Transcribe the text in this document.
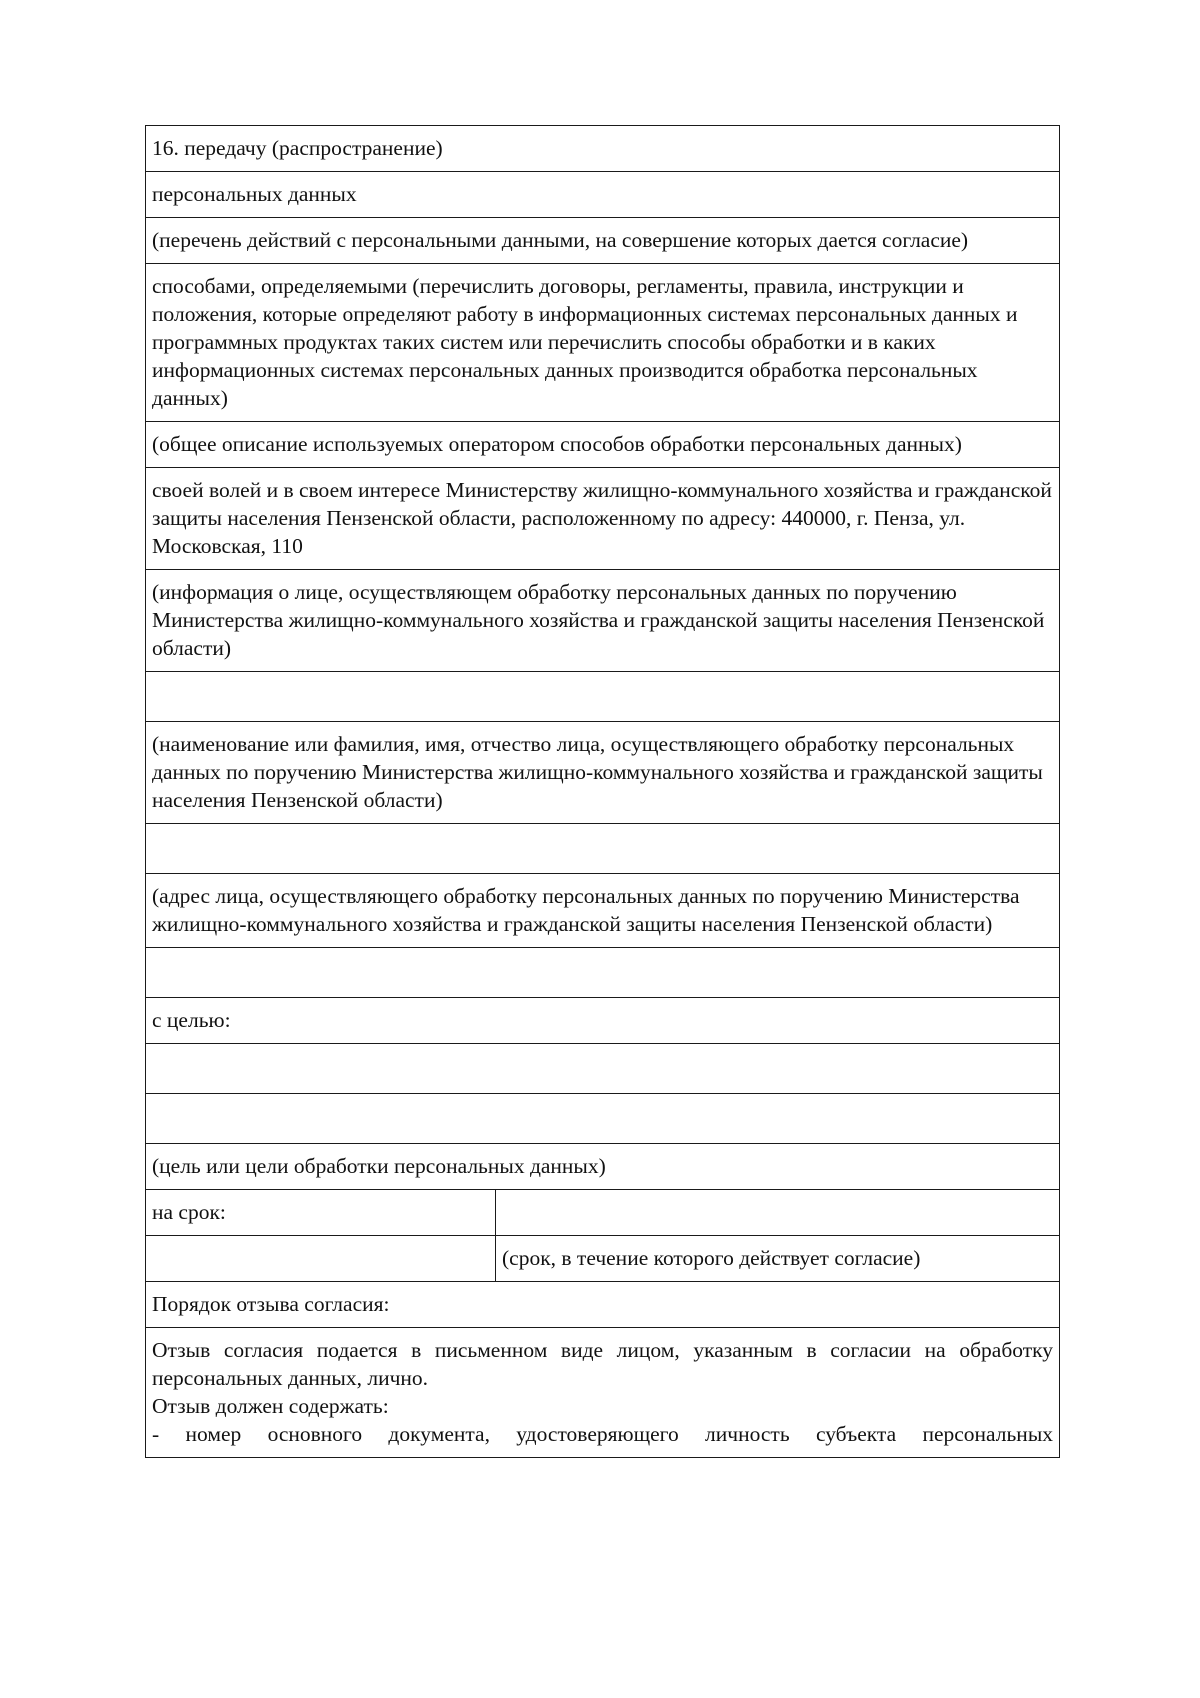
16. передачу (распространение)	
персональных данных	
(перечень действий с персональными данными, на совершение которых дается согласие)	
способами, определяемыми (перечислить договоры, регламенты, правила, инструкции и положения, которые определяют работу в информационных системах персональных данных и программных продуктах таких систем или перечислить способы обработки и в каких информационных системах персональных данных производится обработка персональных данных)	
(общее описание используемых оператором способов обработки персональных данных)	
своей волей и в своем интересе Министерству жилищно-коммунального хозяйства и гражданской защиты населения Пензенской области, расположенному по адресу: 440000, г. Пенза, ул. Московская, 110	
(информация о лице, осуществляющем обработку персональных данных по поручению Министерства жилищно-коммунального хозяйства и гражданской защиты населения Пензенской области)	

(наименование или фамилия, имя, отчество лица, осуществляющего обработку персональных данных по поручению Министерства жилищно-коммунального хозяйства и гражданской защиты населения Пензенской области)	

(адрес лица, осуществляющего обработку персональных данных по поручению Министерства жилищно-коммунального хозяйства и гражданской защиты населения Пензенской области)	

с целью:	

(цель или цели обработки персональных данных)	
на срок:	
	(срок, в течение которого действует согласие)
Порядок отзыва согласия:	

Отзыв согласия подается в письменном виде лицом, указанным в согласии на обработку персональных данных, лично.
Отзыв должен содержать:
- номер основного документа, удостоверяющего личность субъекта персональных	
